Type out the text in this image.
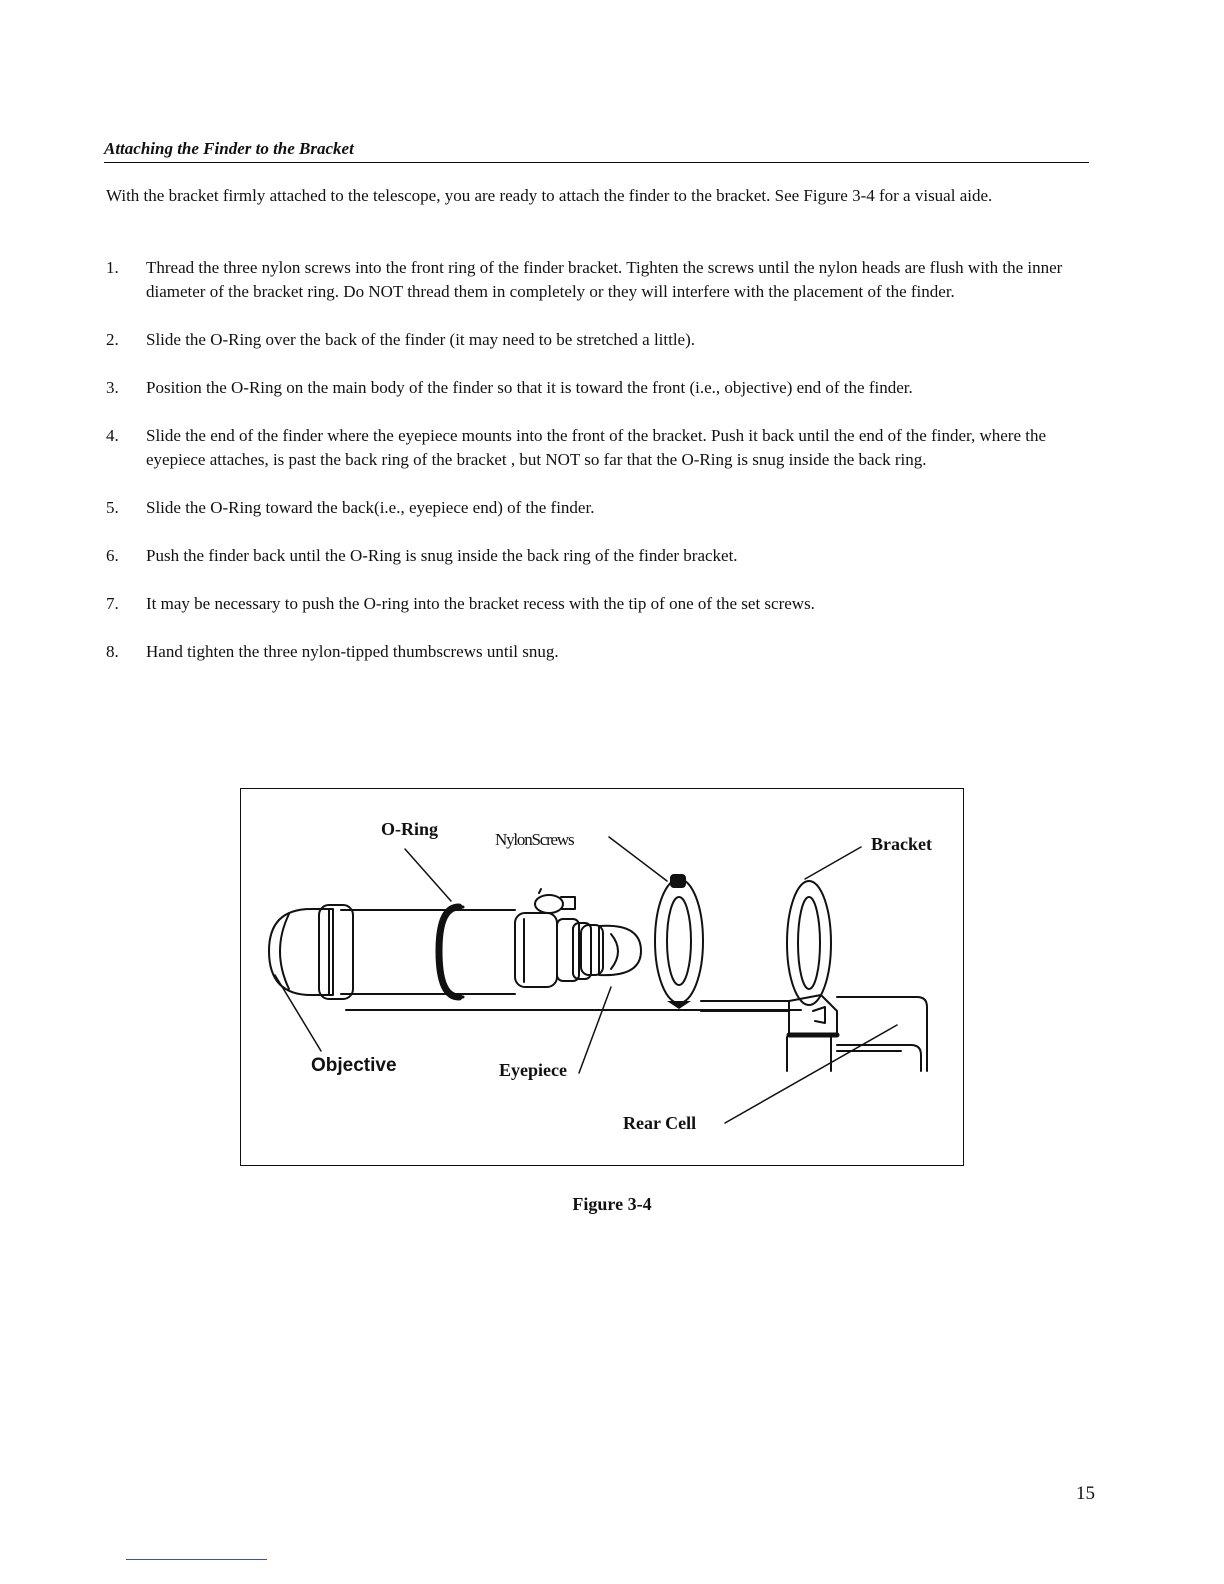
Attaching the Finder to the Bracket
With the bracket firmly attached to the telescope, you are ready to attach the finder to the bracket. See Figure 3-4 for a visual aide.
1. Thread the three nylon screws into the front ring of the finder bracket. Tighten the screws until the nylon heads are flush with the inner diameter of the bracket ring. Do NOT thread them in completely or they will interfere with the placement of the finder.
2. Slide the O-Ring over the back of the finder (it may need to be stretched a little).
3. Position the O-Ring on the main body of the finder so that it is toward the front (i.e., objective) end of the finder.
4. Slide the end of the finder where the eyepiece mounts into the front of the bracket. Push it back until the end of the finder, where the eyepiece attaches, is past the back ring of the bracket , but NOT so far that the O-Ring is snug inside the back ring.
5. Slide the O-Ring toward the back(i.e., eyepiece end) of the finder.
6. Push the finder back until the O-Ring is snug inside the back ring of the finder bracket.
7. It may be necessary to push the O-ring into the bracket recess with the tip of one of the set screws.
8. Hand tighten the three nylon-tipped thumbscrews until snug.
O-Ring
NylonScrews	Bracket
Objective	Eyepiece
Rear Cell
Figure 3-4
15
